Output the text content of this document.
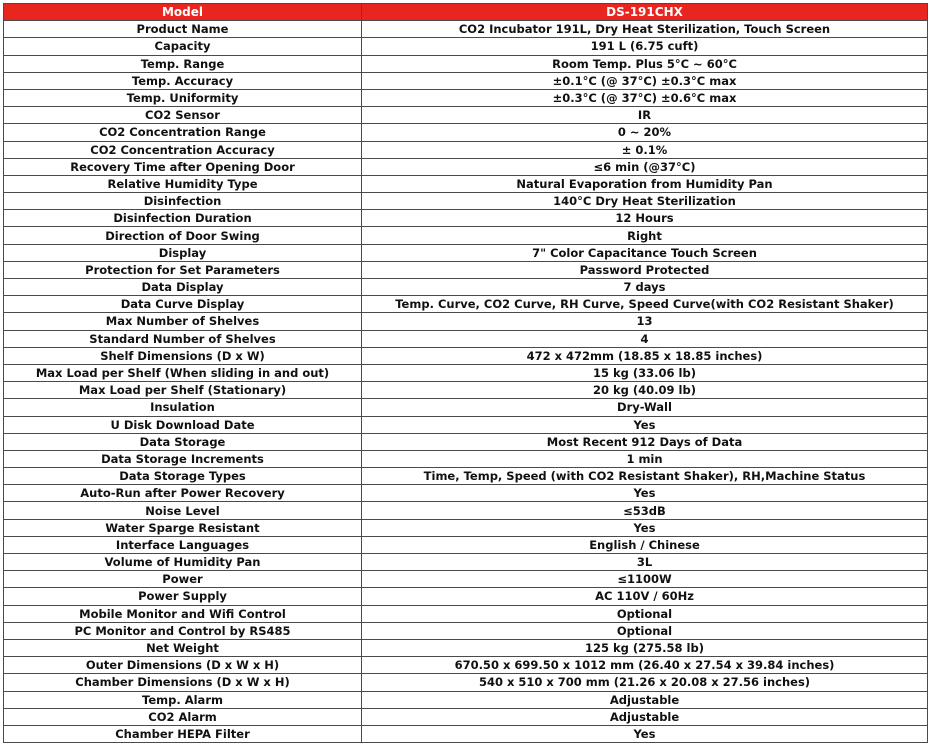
Model	DS-191CHX
Product Name	CO2 Incubator 191L, Dry Heat Sterilization, Touch Screen
Capacity	191 L (6.75 cuft)
Temp. Range	Room Temp. Plus 5°C ~ 60°C
Temp. Accuracy	±0.1°C (@ 37°C) ±0.3°C max
Temp. Uniformity	±0.3°C (@ 37°C) ±0.6°C max
CO2 Sensor	IR
CO2 Concentration Range	0 ~ 20%
CO2 Concentration Accuracy	± 0.1%
Recovery Time after Opening Door	≤6 min (@37°C)
Relative Humidity Type	Natural Evaporation from Humidity Pan
Disinfection	140°C Dry Heat Sterilization
Disinfection Duration	12 Hours
Direction of Door Swing	Right
Display	7" Color Capacitance Touch Screen
Protection for Set Parameters	Password Protected
Data Display	7 days
Data Curve Display	Temp. Curve, CO2 Curve, RH Curve, Speed Curve(with CO2 Resistant Shaker)
Max Number of Shelves	13
Standard Number of Shelves	4
Shelf Dimensions (D x W)	472 x 472mm (18.85 x 18.85 inches)
Max Load per Shelf (When sliding in and out)	15 kg (33.06 lb)
Max Load per Shelf (Stationary)	20 kg (40.09 lb)
Insulation	Dry-Wall
U Disk Download Date	Yes
Data Storage	Most Recent 912 Days of Data
Data Storage Increments	1 min
Data Storage Types	Time, Temp, Speed (with CO2 Resistant Shaker), RH,Machine Status
Auto-Run after Power Recovery	Yes
Noise Level	≤53dB
Water Sparge Resistant	Yes
Interface Languages	English / Chinese
Volume of Humidity Pan	3L
Power	≤1100W
Power Supply	AC 110V / 60Hz
Mobile Monitor and Wifi Control	Optional
PC Monitor and Control by RS485	Optional
Net Weight	125 kg (275.58 lb)
Outer Dimensions (D x W x H)	670.50 x 699.50 x 1012 mm (26.40 x 27.54 x 39.84 inches)
Chamber Dimensions (D x W x H)	540 x 510 x 700 mm (21.26 x 20.08 x 27.56 inches)
Temp. Alarm	Adjustable
CO2 Alarm	Adjustable
Chamber HEPA Filter	Yes
